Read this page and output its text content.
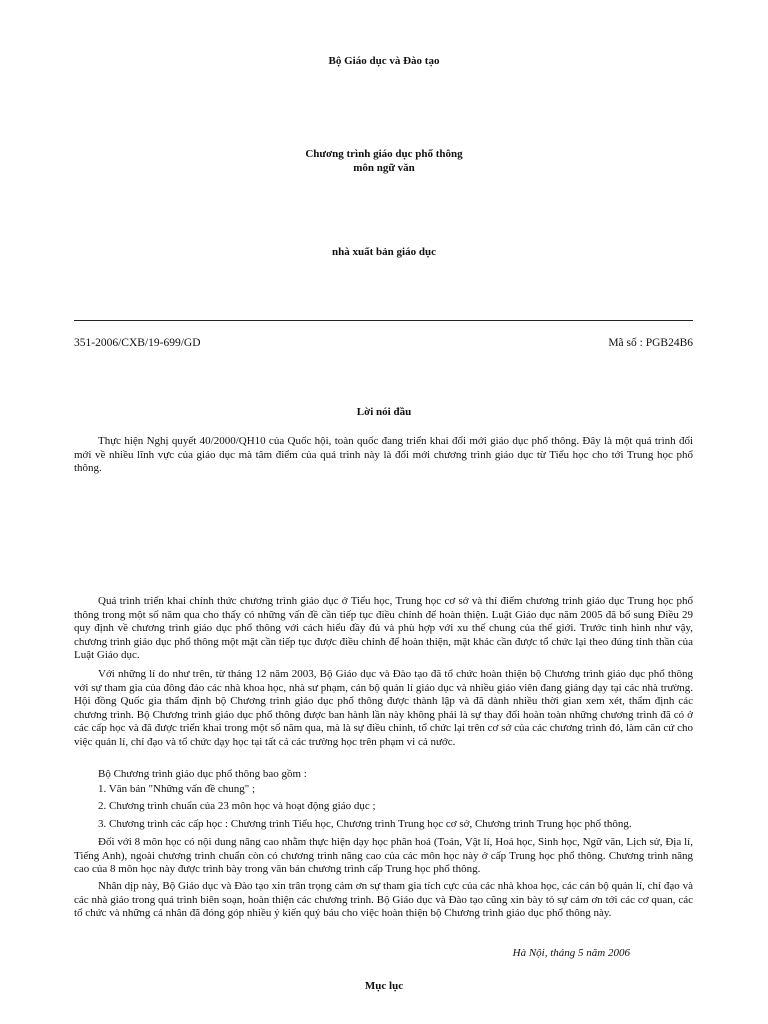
Bộ Giáo dục và Đào tạo
Chương trình giáo dục phổ thông
môn ngữ văn
nhà xuất bản giáo dục
351-2006/CXB/19-699/GD	Mã số : PGB24B6
Lời nói đầu

Thực hiện Nghị quyết 40/2000/QH10 của Quốc hội, toàn quốc đang triển khai đổi mới giáo dục phổ thông. Đây là một quá trình đổi mới về nhiều lĩnh vực của giáo dục mà tâm điểm của quá trình này là đổi mới chương trình giáo dục từ Tiểu học cho tới Trung học phổ thông.

Quá trình triển khai chính thức chương trình giáo dục ở Tiểu học, Trung học cơ sở và thí điểm chương trình giáo dục Trung học phổ thông trong một số năm qua cho thấy có những vấn đề cần tiếp tục điều chỉnh để hoàn thiện. Luật Giáo dục năm 2005 đã bổ sung Điều 29 quy định về chương trình giáo dục phổ thông với cách hiểu đầy đủ và phù hợp với xu thế chung của thế giới. Trước tình hình như vậy, chương trình giáo dục phổ thông một mặt cần tiếp tục được điều chỉnh để hoàn thiện, mặt khác cần được tổ chức lại theo đúng tinh thần của Luật Giáo dục.

Với những lí do như trên, từ tháng 12 năm 2003, Bộ Giáo dục và Đào tạo đã tổ chức hoàn thiện bộ Chương trình giáo dục phổ thông với sự tham gia của đông đảo các nhà khoa học, nhà sư phạm, cán bộ quản lí giáo dục và nhiều giáo viên đang giảng dạy tại các nhà trường. Hội đồng Quốc gia thẩm định bộ Chương trình giáo dục phổ thông được thành lập và đã dành nhiều thời gian xem xét, thẩm định các chương trình. Bộ Chương trình giáo dục phổ thông được ban hành lần này không phải là sự thay đổi hoàn toàn những chương trình đã có ở các cấp học và đã được triển khai trong một số năm qua, mà là sự điều chỉnh, tổ chức lại trên cơ sở của các chương trình đó, làm căn cứ cho việc quản lí, chỉ đạo và tổ chức dạy học tại tất cả các trường học trên phạm vi cả nước.

Bộ Chương trình giáo dục phổ thông bao gồm :

1. Văn bản "Những vấn đề chung" ;

2. Chương trình chuẩn của 23 môn học và hoạt động giáo dục ;

3. Chương trình các cấp học : Chương trình Tiểu học, Chương trình Trung học cơ sở, Chương trình Trung học phổ thông.

Đối với 8 môn học có nội dung nâng cao nhằm thực hiện dạy học phân hoá (Toán, Vật lí, Hoá học, Sinh học, Ngữ văn, Lịch sử, Địa lí, Tiếng Anh), ngoài chương trình chuẩn còn có chương trình nâng cao của các môn học này ở cấp Trung học phổ thông. Chương trình nâng cao của 8 môn học này được trình bày trong văn bản chương trình cấp Trung học phổ thông.

Nhân dịp này, Bộ Giáo dục và Đào tạo xin trân trọng cảm ơn sự tham gia tích cực của các nhà khoa học, các cán bộ quản lí, chỉ đạo và các nhà giáo trong quá trình biên soạn, hoàn thiện các chương trình. Bộ Giáo dục và Đào tạo cũng xin bày tỏ sự cảm ơn tới các cơ quan, các tổ chức và những cá nhân đã đóng góp nhiều ý kiến quý báu cho việc hoàn thiện bộ Chương trình giáo dục phổ thông này.

Hà Nội, tháng 5 năm 2006
Mục lục
